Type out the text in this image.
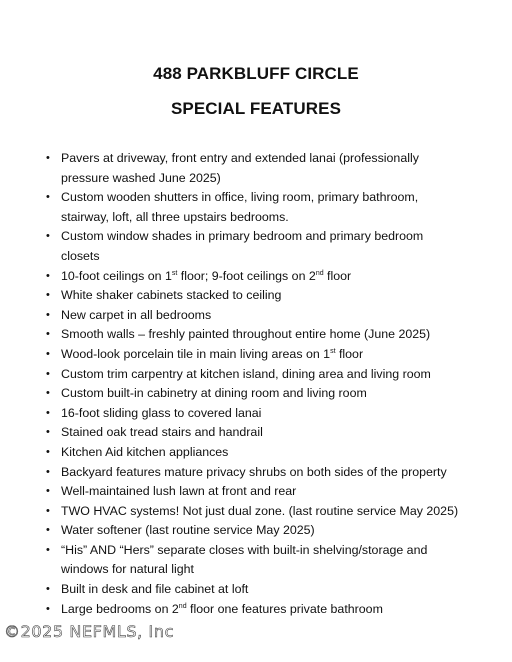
488 PARKBLUFF CIRCLE
SPECIAL FEATURES
• Pavers at driveway, front entry and extended lanai (professionally
pressure washed June 2025)
• Custom wooden shutters in office, living room, primary bathroom,
stairway, loft, all three upstairs bedrooms.
• Custom window shades in primary bedroom and primary bedroom
closets
• 10-foot ceilings on 1st floor; 9-foot ceilings on 2nd floor
• White shaker cabinets stacked to ceiling
• New carpet in all bedrooms
• Smooth walls – freshly painted throughout entire home (June 2025)
• Wood-look porcelain tile in main living areas on 1st floor
• Custom trim carpentry at kitchen island, dining area and living room
• Custom built-in cabinetry at dining room and living room
• 16-foot sliding glass to covered lanai
• Stained oak tread stairs and handrail
• Kitchen Aid kitchen appliances
• Backyard features mature privacy shrubs on both sides of the property
• Well-maintained lush lawn at front and rear
• TWO HVAC systems! Not just dual zone. (last routine service May 2025)
• Water softener (last routine service May 2025)
• “His” AND “Hers” separate closes with built-in shelving/storage and
windows for natural light
• Built in desk and file cabinet at loft
• Large bedrooms on 2nd floor one features private bathroom
©2025 NEFMLS, Inc
